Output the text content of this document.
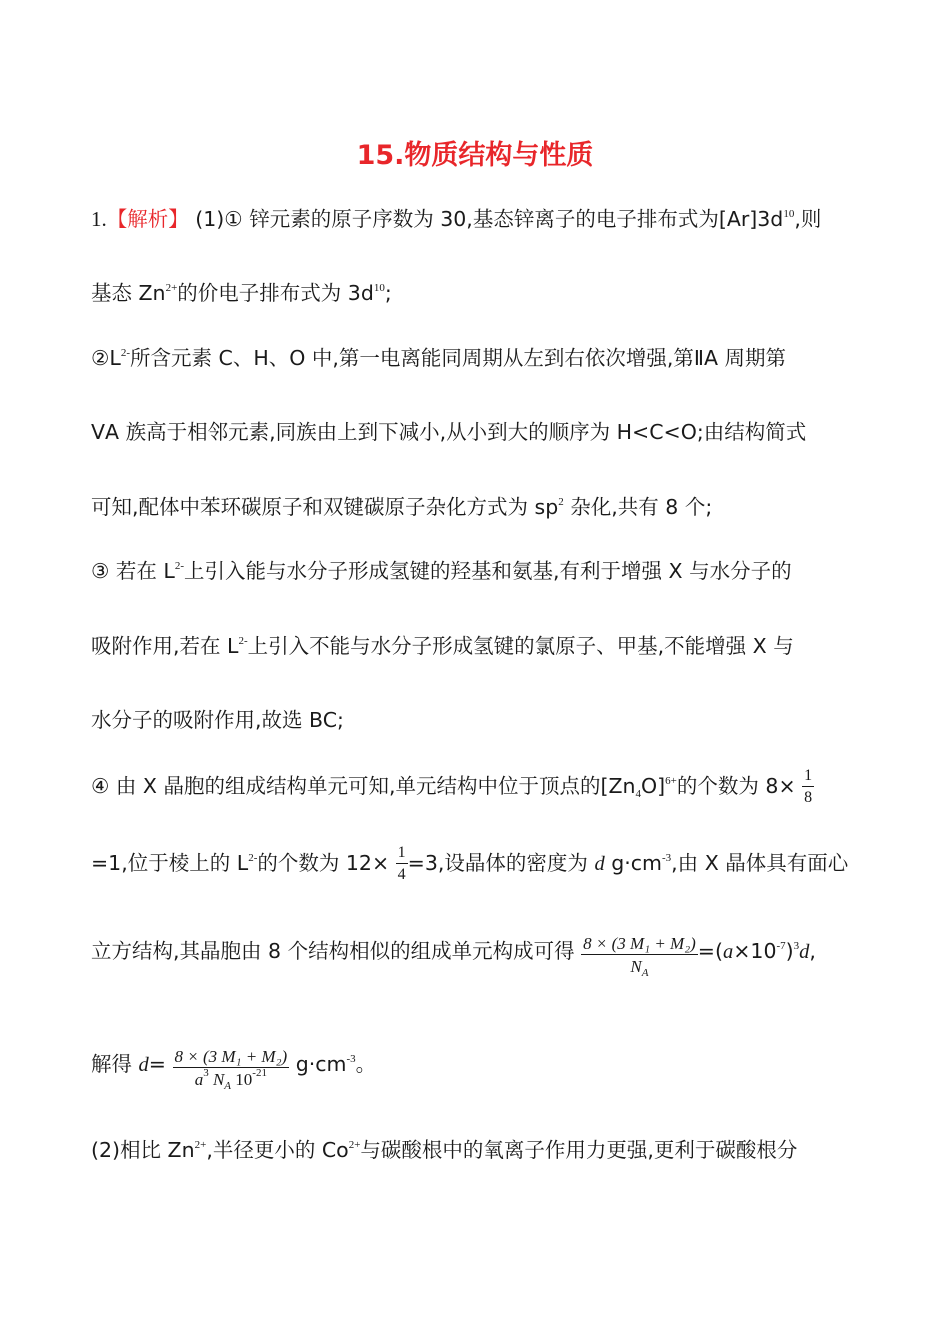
15.物质结构与性质
1.【解析】 (1)① 锌元素的原子序数为 30,基态锌离子的电子排布式为$[Ar]3d^{10}$,则
基态 $Zn^{2+}$的价电子排布式为 $3d^{10}$;
$②L^{2-}$所含元素 C、H、O 中,第一电离能同周期从左到右依次增强,第ⅡA 周期第
ⅤA 族高于相邻元素,同族由上到下减小,从小到大的顺序为 H<C<O;由结构简式
可知,配体中苯环碳原子和双键碳原子杂化方式为 $sp^2$ 杂化,共有 8 个;
③ 若在 $L^{2-}$上引入能与水分子形成氢键的羟基和氨基,有利于增强 X 与水分子的
吸附作用,若在 $L^{2-}$上引入不能与水分子形成氢键的氯原子、甲基,不能增强 X 与
水分子的吸附作用,故选 BC;
④ 由 X 晶胞的组成结构单元可知,单元结构中位于顶点的$[Zn_4O]^{6+}$的个数为 $8\times \frac{1}{8}$
=1,位于棱上的 $L^{2-}$的个数为 $12\times \frac{1}{4} =3$,设晶体的密度为 d $g\cdot cm^{-3}$,由 X 晶体具有面心
立方结构,其晶胞由 8 个结构相似的组成单元构成可得 $\frac{\text{8 × (3 M₁ + M₂)}}{N_A} =(a\times 10^{-7})^3d$,
解得 $d= \frac{\text{8 × (3 M₁ + M₂)}}{a^3 N_A 10^{-21}} g\cdot cm^{-3}$。
(2)相比 $Zn^{2+}$,半径更小的 $Co^{2+}$与碳酸根中的氧离子作用力更强,更利于碳酸根分
